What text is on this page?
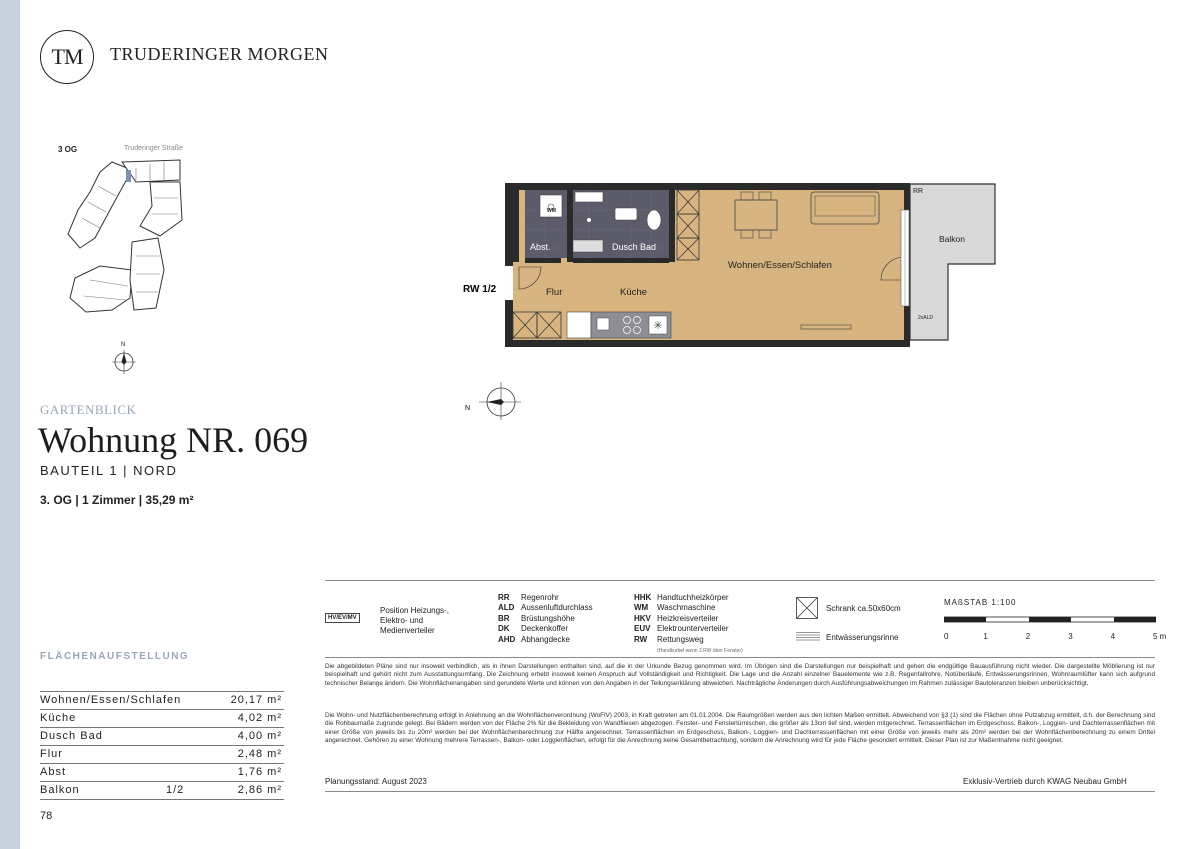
TM TRUDERINGER MORGEN
3 OG	Truderinger Straße
N
GARTENBLICK
Wohnung NR. 069
BAUTEIL 1 | NORD
3. OG | 1 Zimmer | 35,29 m²
✳
RW 1/2
Abst.	Dusch Bad
WM
Wohnen/Essen/Schlafen
Flur	Küche
Balkon
RR
2xALD
N
HV/EV/MV
Position Heizungs-, Elektro- und Medienverteiler
RR Regenrohr
ALD Aussenluftdurchlass
BR Brüstungshöhe
DK Deckenkoffer
AHD Abhangdecke
HHK Handtuchheizkörper
WM Waschmaschine
HKV Heizkreisverteiler
EUV Elektrounterverteiler
RW Rettungsweg
(Handkurbel wenn 2.RW über Fenster)
Schrank ca.50x60cm
Entwässerungsrinne
MAßSTAB 1:100
0	1	2	3	4	5 m
Die abgebildeten Pläne sind nur insoweit verbindlich, als in ihnen Darstellungen enthalten sind, auf die in der Urkunde Bezug genommen wird. Im Übrigen sind die Darstellungen nur beispielhaft und gehen die endgültige Bauausführung nicht wieder. Die dargestellte Möblierung ist nur beispielhaft und gehört nicht zum Ausstattungsumfang. Die Zeichnung erhebt insoweit keinen Anspruch auf Vollständigkeit und Richtigkeit. Die Lage und die Anzahl einzelner Bauelemente wie z.B. Regenfallrohre, Notüberläufe, Entwässerungsrinnen, Wohnraumlüfter kann sich aufgrund technischer Belange ändern. Die Wohnflächenangaben sind gerundete Werte und können von den Angaben in der Teilungserklärung abweichen. Nachträgliche Änderungen durch Ausführungsabweichungen im Rahmen zulässiger Bautoleranzen bleiben unberücksichtigt.
Die Wohn- und Nutzflächenberechnung erfolgt in Anlehnung an die Wohnflächenverordnung (WoFlV) 2003, in Kraft getreten am 01.01.2004. Die Raumgrößen werden aus den lichten Maßen ermittelt. Abweichend von §3 (1) sind die Flächen ohne Putzabzug ermittelt, d.h. der Berechnung sind die Rohbaumaße zugrunde gelegt. Bei Bädern werden von der Fläche 2% für die Bekleidung von Wandfliesen abgezogen. Fenster- und Fenstertürnischen, die größer als 13cm tief sind, werden mitgerechnet. Terrassenflächen im Erdgeschoss, Balkon-, Loggien- und Dachterrassenflächen mit einer Größe von jeweils bis zu 20m² werden bei der Wohnflächenberechnung zur Hälfte angerechnet. Terrassenflächen im Erdgeschoss, Balkon-, Loggien- und Dachterrassenflächen mit einer Größe von jeweils mehr als 20m² werden bei der Wohnflächenberechnung zu einem Drittel angerechnet. Gehören zu einer Wohnung mehrere Terrassen-, Balkon- oder Loggienflächen, erfolgt für die Anrechnung keine Gesamtbetrachtung, sondern die Anrechnung wird für jede Fläche gesondert ermittelt. Dieser Plan ist zur Maßentnahme nicht geeignet.
Planungsstand: August 2023	Exklusiv-Vertrieb durch KWAG Neubau GmbH
FLÄCHENAUFSTELLUNG
Wohnen/Essen/Schlafen	20,17 m²
Küche	4,02 m²
Dusch Bad	4,00 m²
Flur	2,48 m²
Abst	1,76 m²
Balkon	1/2	2,86 m²
78
